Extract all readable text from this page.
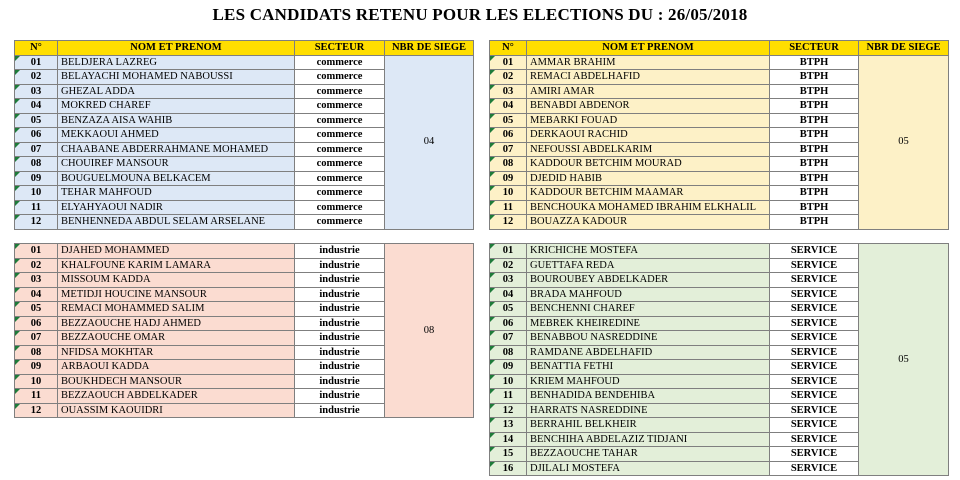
LES CANDIDATS RETENU POUR LES ELECTIONS DU : 26/05/2018
N°	NOM ET PRENOM	SECTEUR	NBR DE SIEGE
01	BELDJERA LAZREG	commerce	04
02	BELAYACHI MOHAMED NABOUSSI	commerce	
03	GHEZAL ADDA	commerce	
04	MOKRED CHAREF	commerce	
05	BENZAZA AISA WAHIB	commerce	
06	MEKKAOUI AHMED	commerce	
07	CHAABANE ABDERRAHMANE MOHAMED	commerce	
08	CHOUIREF MANSOUR	commerce	
09	BOUGUELMOUNA BELKACEM	commerce	
10	TEHAR MAHFOUD	commerce	
11	ELYAHYAOUI NADIR	commerce	
12	BENHENNEDA ABDUL SELAM ARSELANE	commerce	
N°	NOM ET PRENOM	SECTEUR	NBR DE SIEGE
01	AMMAR BRAHIM	BTPH	05
02	REMACI ABDELHAFID	BTPH	
03	AMIRI AMAR	BTPH	
04	BENABDI ABDENOR	BTPH	
05	MEBARKI FOUAD	BTPH	
06	DERKAOUI RACHID	BTPH	
07	NEFOUSSI ABDELKARIM	BTPH	
08	KADDOUR BETCHIM MOURAD	BTPH	
09	DJEDID HABIB	BTPH	
10	KADDOUR BETCHIM MAAMAR	BTPH	
11	BENCHOUKA MOHAMED IBRAHIM ELKHALIL	BTPH	
12	BOUAZZA KADOUR	BTPH	
01	DJAHED MOHAMMED	industrie	08
02	KHALFOUNE KARIM LAMARA	industrie	
03	MISSOUM KADDA	industrie	
04	METIDJI HOUCINE MANSOUR	industrie	
05	REMACI MOHAMMED SALIM	industrie	
06	BEZZAOUCHE HADJ AHMED	industrie	
07	BEZZAOUCHE OMAR	industrie	
08	NFIDSA MOKHTAR	industrie	
09	ARBAOUI KADDA	industrie	
10	BOUKHDECH MANSOUR	industrie	
11	BEZZAOUCH ABDELKADER	industrie	
12	OUASSIM KAOUIDRI	industrie	
01	KRICHICHE MOSTEFA	SERVICE	05
02	GUETTAFA REDA	SERVICE	
03	BOUROUBEY ABDELKADER	SERVICE	
04	BRADA MAHFOUD	SERVICE	
05	BENCHENNI CHAREF	SERVICE	
06	MEBREK KHEIREDINE	SERVICE	
07	BENABBOU NASREDDINE	SERVICE	
08	RAMDANE ABDELHAFID	SERVICE	
09	BENATTIA FETHI	SERVICE	
10	KRIEM MAHFOUD	SERVICE	
11	BENHADIDA BENDEHIBA	SERVICE	
12	HARRATS NASREDDINE	SERVICE	
13	BERRAHIL BELKHEIR	SERVICE	
14	BENCHIHA ABDELAZIZ TIDJANI	SERVICE	
15	BEZZAOUCHE TAHAR	SERVICE	
16	DJILALI MOSTEFA	SERVICE	
